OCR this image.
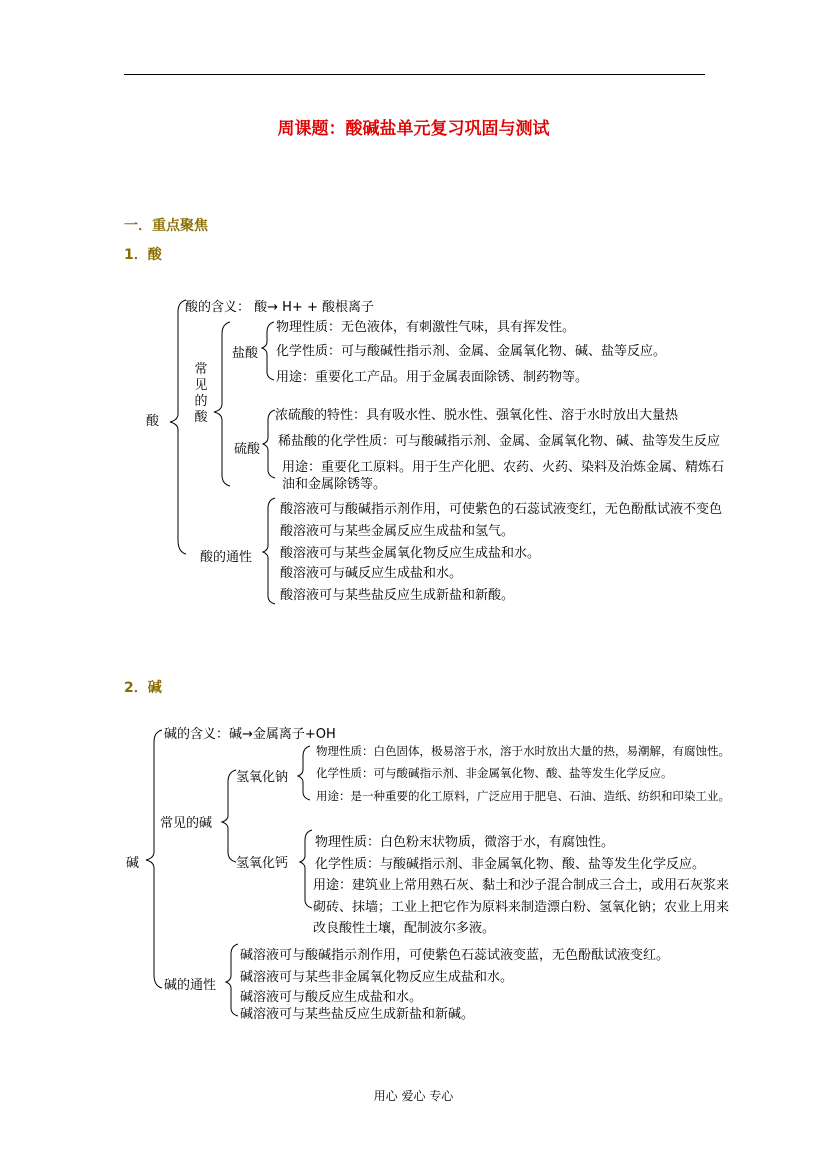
周课题：酸碱盐单元复习巩固与测试
一．重点聚焦
1．酸
酸
酸的含义： 酸→ H+ + 酸根离子
常见的酸
盐酸
物理性质：无色液体，有刺激性气味，具有挥发性。
化学性质：可与酸碱性指示剂、金属、金属氧化物、碱、盐等反应。
用途：重要化工产品。用于金属表面除锈、制药物等。
硫酸
浓硫酸的特性：具有吸水性、脱水性、强氧化性、溶于水时放出大量热
稀盐酸的化学性质：可与酸碱指示剂、金属、金属氧化物、碱、盐等发生反应
用途：重要化工原料。用于生产化肥、农药、火药、染料及治炼金属、精炼石
油和金属除锈等。
酸的通性
酸溶液可与酸碱指示剂作用，可使紫色的石蕊试液变红，无色酚酞试液不变色
酸溶液可与某些金属反应生成盐和氢气。
酸溶液可与某些金属氧化物反应生成盐和水。
酸溶液可与碱反应生成盐和水。
酸溶液可与某些盐反应生成新盐和新酸。
2．碱
碱
碱的含义：碱→金属离子+OH
常见的碱
氢氧化钠
物理性质：白色固体，极易溶于水，溶于水时放出大量的热，易潮解，有腐蚀性。
化学性质：可与酸碱指示剂、非金属氧化物、酸、盐等发生化学反应。
用途：是一种重要的化工原料，广泛应用于肥皂、石油、造纸、纺织和印染工业。
氢氧化钙
物理性质：白色粉末状物质，微溶于水，有腐蚀性。
化学性质：与酸碱指示剂、非金属氧化物、酸、盐等发生化学反应。
用途：建筑业上常用熟石灰、黏土和沙子混合制成三合土，或用石灰浆来
砌砖、抹墙；工业上把它作为原料来制造漂白粉、氢氧化钠；农业上用来
改良酸性土壤，配制波尔多液。
碱的通性
碱溶液可与酸碱指示剂作用，可使紫色石蕊试液变蓝，无色酚酞试液变红。
碱溶液可与某些非金属氧化物反应生成盐和水。
碱溶液可与酸反应生成盐和水。
碱溶液可与某些盐反应生成新盐和新碱。
用心 爱心 专心
